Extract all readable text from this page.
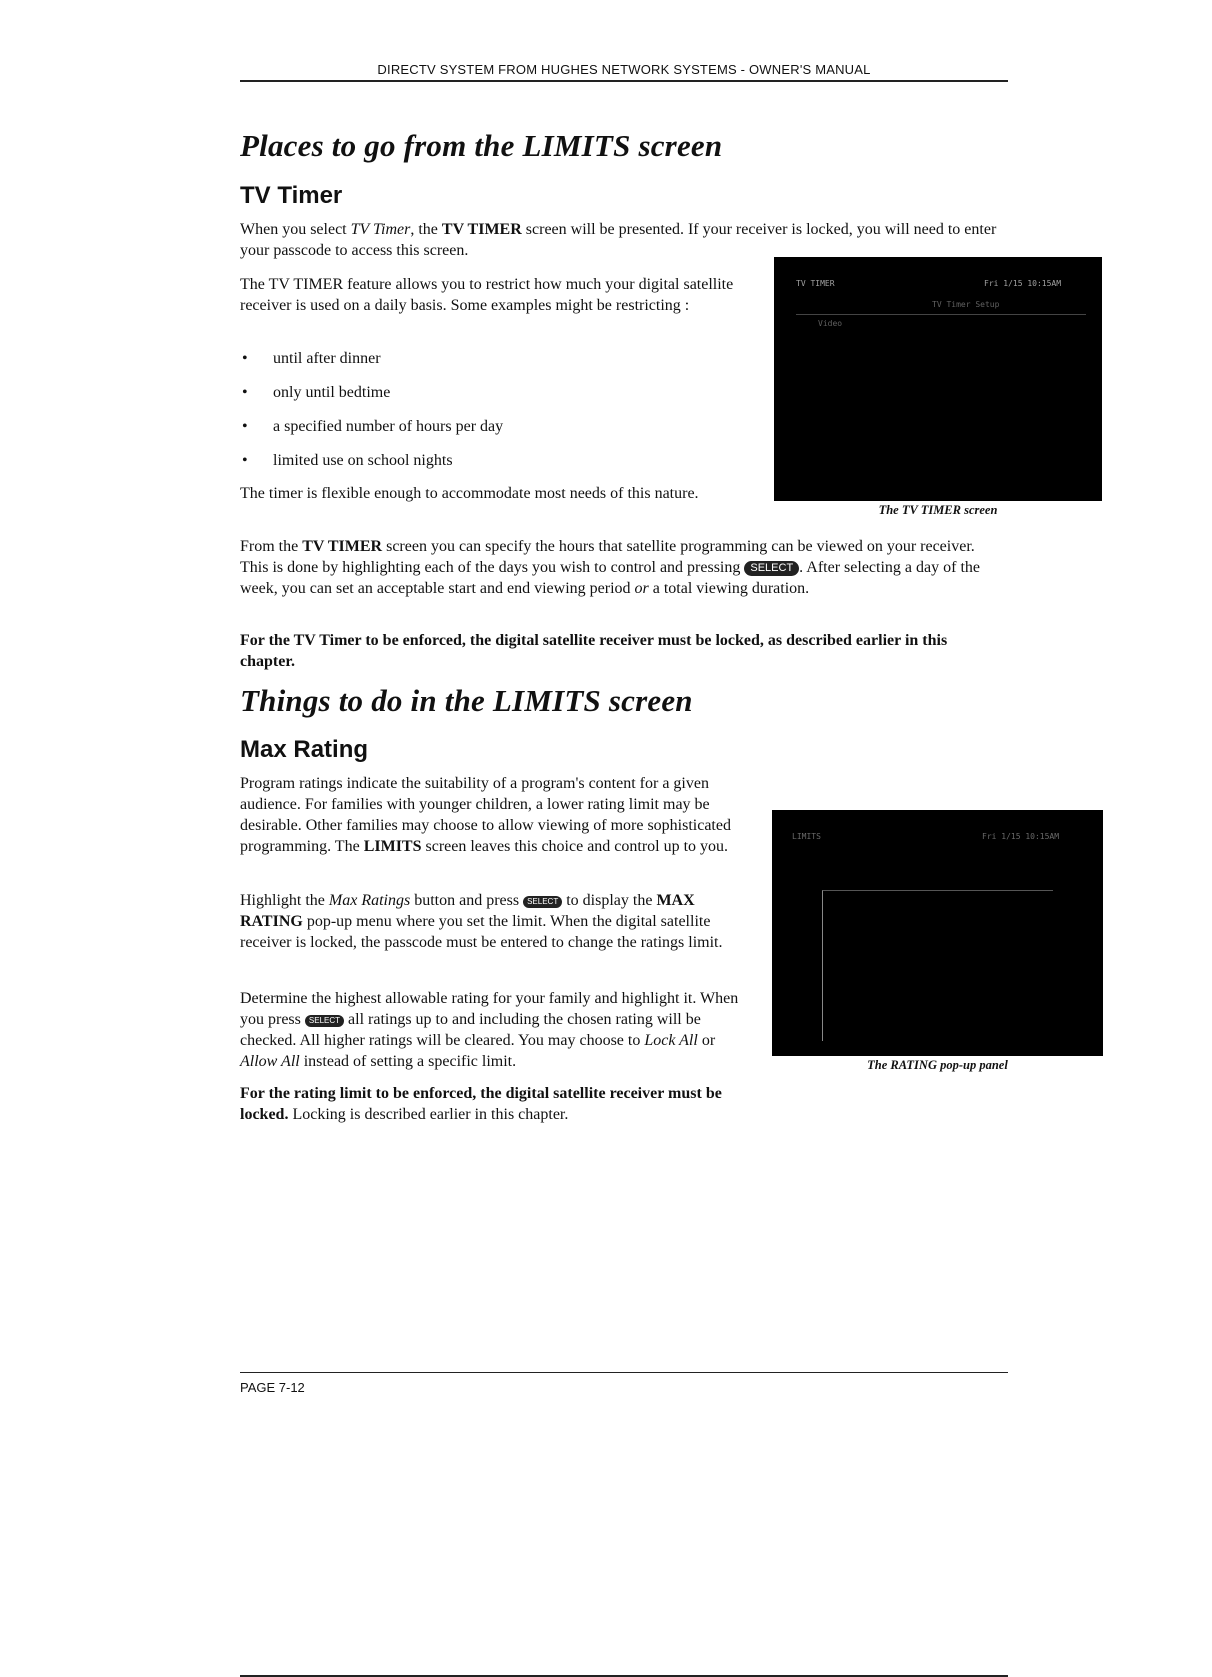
DIRECTV SYSTEM FROM HUGHES NETWORK SYSTEMS - OWNER'S MANUAL
Places to go from the LIMITS screen
TV Timer
When you select TV Timer, the TV TIMER screen will be presented. If your receiver is locked, you will need to enter your passcode to access this screen.
The TV TIMER feature allows you to restrict how much your digital satellite receiver is used on a daily basis. Some examples might be restricting :
• until after dinner
• only until bedtime
• a specified number of hours per day
• limited use on school nights
The timer is flexible enough to accommodate most needs of this nature.
TV TIMER	Fri 1/15 10:15AM
TV Timer Setup
Video
The TV TIMER screen
From the TV TIMER screen you can specify the hours that satellite programming can be viewed on your receiver. This is done by highlighting each of the days you wish to control and pressing SELECT . After selecting a day of the week, you can set an acceptable start and end viewing period or a total viewing duration.
For the TV Timer to be enforced, the digital satellite receiver must be locked, as described earlier in this chapter.
Things to do in the LIMITS screen
Max Rating
Program ratings indicate the suitability of a program's content for a given audience. For families with younger children, a lower rating limit may be desirable. Other families may choose to allow viewing of more sophisticated programming. The LIMITS screen leaves this choice and control up to you.
Highlight the Max Ratings button and press SELECT to display the MAX RATING pop-up menu where you set the limit. When the digital satellite receiver is locked, the passcode must be entered to change the ratings limit.
Determine the highest allowable rating for your family and highlight it. When you press SELECT all ratings up to and including the chosen rating will be checked. All higher ratings will be cleared. You may choose to Lock All or Allow All instead of setting a specific limit.
For the rating limit to be enforced, the digital satellite receiver must be locked. Locking is described earlier in this chapter.
LIMITS	Fri 1/15 10:15AM
The RATING pop-up panel
PAGE 7-12
